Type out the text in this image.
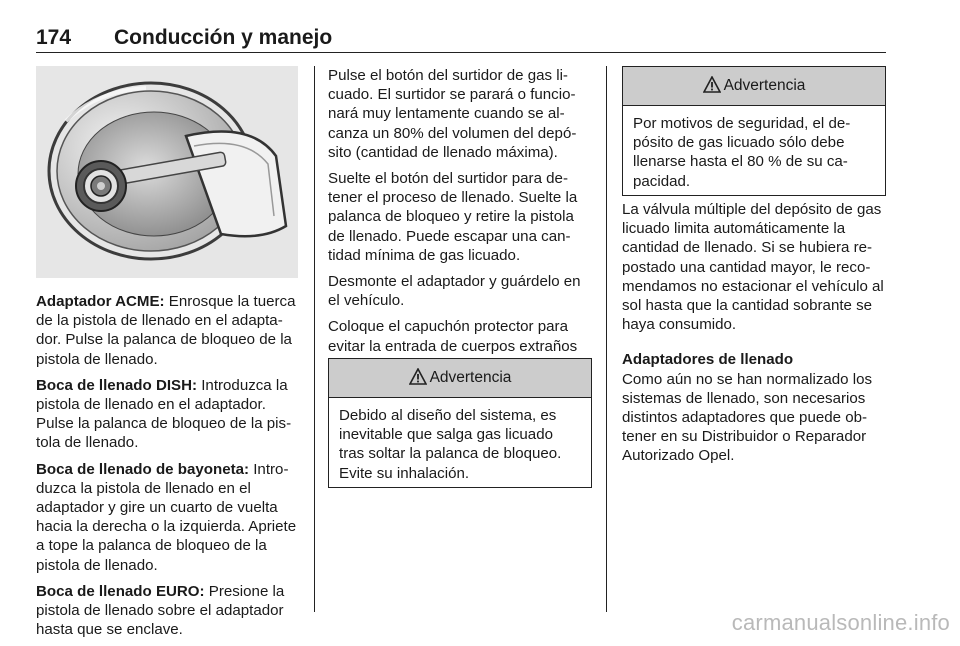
174 Conducción y manejo

Adaptador ACME: Enrosque la tuerca de la pistola de llenado en el adapta-dor. Pulse la palanca de bloqueo de la pistola de llenado.

Boca de llenado DISH: Introduzca la pistola de llenado en el adaptador. Pulse la palanca de bloqueo de la pis-tola de llenado.

Boca de llenado de bayoneta: Intro-duzca la pistola de llenado en el adaptador y gire un cuarto de vuelta hacia la derecha o la izquierda. Apriete a tope la palanca de bloqueo de la pistola de llenado.

Boca de llenado EURO: Presione la pistola de llenado sobre el adaptador hasta que se enclave.

Pulse el botón del surtidor de gas li-cuado. El surtidor se parará o funcio-nará muy lentamente cuando se al-canza un 80% del volumen del depó-sito (cantidad de llenado máxima).

Suelte el botón del surtidor para de-tener el proceso de llenado. Suelte la palanca de bloqueo y retire la pistola de llenado. Puede escapar una can-tidad mínima de gas licuado.

Desmonte el adaptador y guárdelo en el vehículo.

Coloque el capuchón protector para evitar la entrada de cuerpos extraños

Advertencia
Debido al diseño del sistema, es inevitable que salga gas licuado tras soltar la palanca de bloqueo. Evite su inhalación.
Advertencia
Por motivos de seguridad, el de-pósito de gas licuado sólo debe llenarse hasta el 80 % de su ca-pacidad.

La válvula múltiple del depósito de gas licuado limita automáticamente la cantidad de llenado. Si se hubiera re-postado una cantidad mayor, le reco-mendamos no estacionar el vehículo al sol hasta que la cantidad sobrante se haya consumido.

Adaptadores de llenado

Como aún no se han normalizado los sistemas de llenado, son necesarios distintos adaptadores que puede ob-tener en su Distribuidor o Reparador Autorizado Opel.

carmanualsonline.info
